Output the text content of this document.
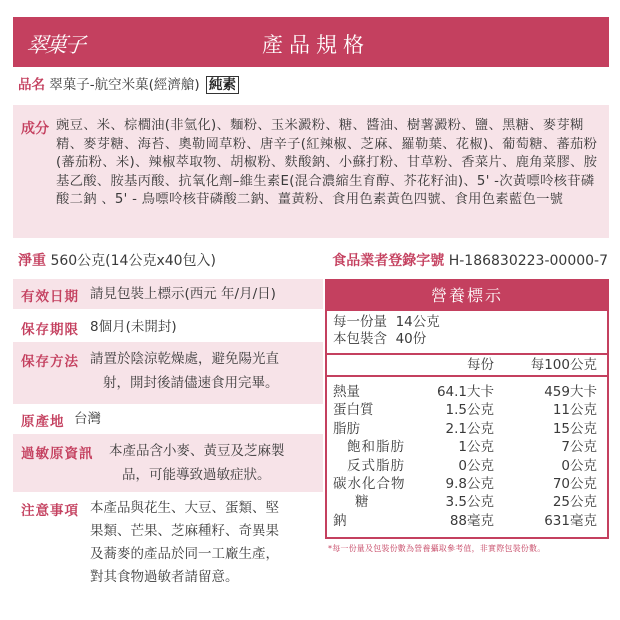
翠菓子	產品規格
品名 翠菓子-航空米菓(經濟艙) 純素
成分 豌豆、米、棕櫚油(非氫化)、麵粉、玉米澱粉、糖、醬油、樹薯澱粉、鹽、黑糖、麥芽糊精、麥芽糖、海苔、奧勒岡草粉、唐辛子(紅辣椒、芝麻、羅勒葉、花椒)、葡萄糖、蕃茄粉(蕃茄粉、米)、辣椒萃取物、胡椒粉、麩酸鈉、小蘇打粉、甘草粉、香菜片、鹿角菜膠、胺基乙酸、胺基丙酸、抗氧化劑–維生素E(混合濃縮生育醇、芥花籽油)、5' -次黃嘌呤核苷磷酸二鈉 、5' - 鳥嘌呤核苷磷酸二鈉、薑黃粉、食用色素黃色四號、食用色素藍色一號
淨重 560公克(14公克x40包入)	食品業者登錄字號 H-186830223-00000-7
有效日期 請見包裝上標示(西元 年/月/日)
保存期限 8個月(未開封)
保存方法 請置於陰涼乾燥處，避免陽光直
射，開封後請儘速食用完畢。
原產地 台灣
過敏原資訊 本產品含小麥、黃豆及芝麻製
品，可能導致過敏症狀。
注意事項 本產品與花生、大豆、蛋類、堅
果類、芒果、芝麻種籽、奇異果
及蕎麥的產品於同一工廠生產，
對其食物過敏者請留意。
營養標示
每一份量 14公克
本包裝含 40份
每份	每100公克
熱量	64.1大卡	459大卡
蛋白質	1.5公克	11公克
脂肪	2.1公克	15公克
飽和脂肪	1公克	7公克
反式脂肪	0公克	0公克
碳水化合物	9.8公克	70公克
糖	3.5公克	25公克
鈉	88毫克	631毫克
*每一份量及包裝份數為營養攝取參考值，非實際包裝份數。
